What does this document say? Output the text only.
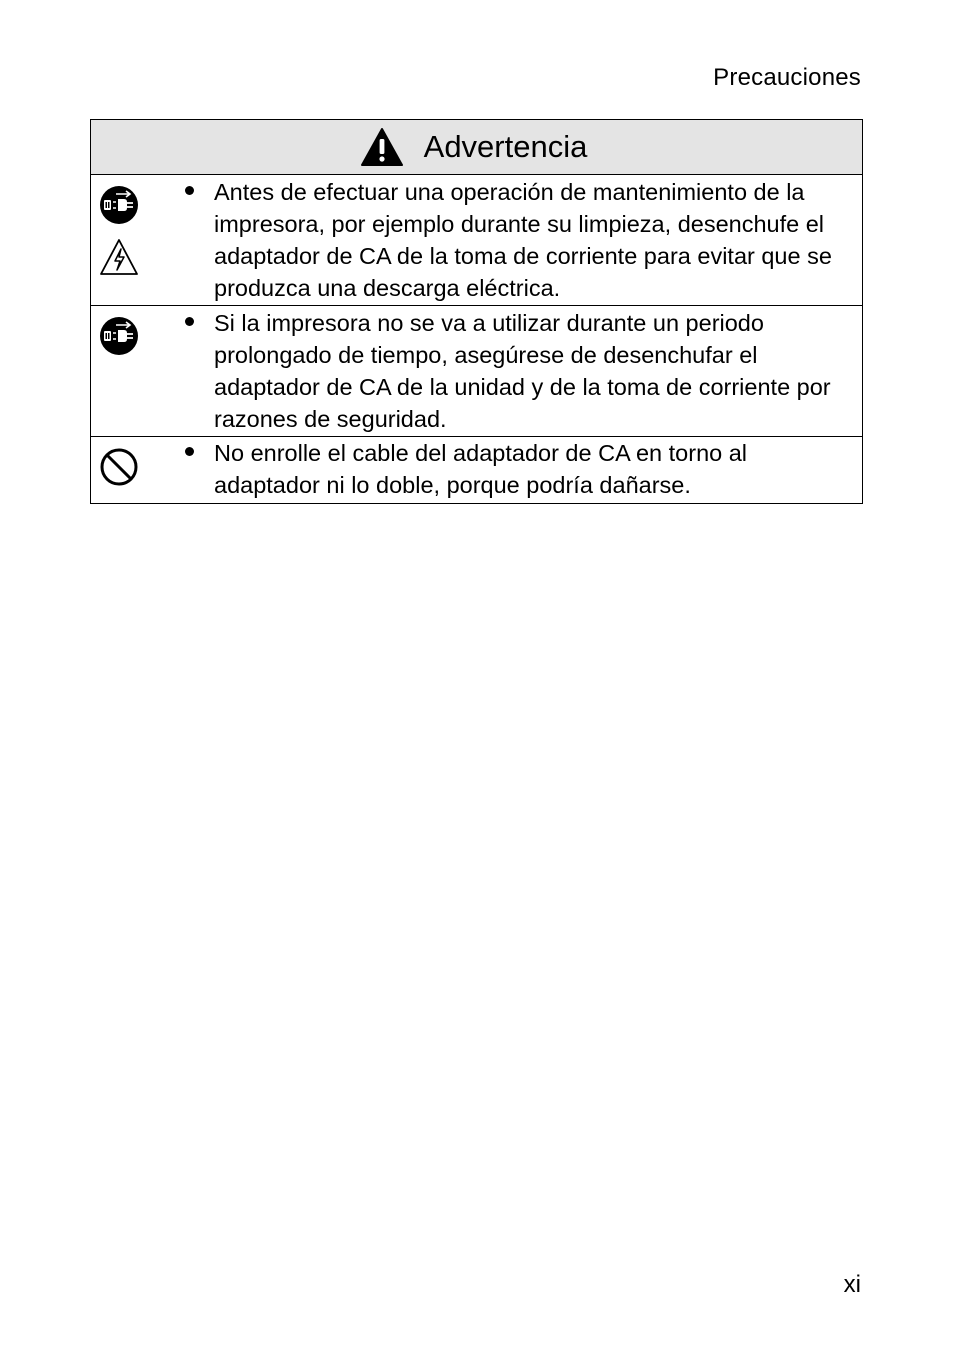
Precauciones
Advertencia
Antes de efectuar una operación de mantenimiento de la impresora, por ejemplo durante su limpieza, desenchufe el adaptador de CA de la toma de corriente para evitar que se produzca una descarga eléctrica.
Si la impresora no se va a utilizar durante un periodo prolongado de tiempo, asegúrese de desenchufar el adaptador de CA de la unidad y de la toma de corriente por razones de seguridad.
No enrolle el cable del adaptador de CA en torno al adaptador ni lo doble, porque podría dañarse.
xi
